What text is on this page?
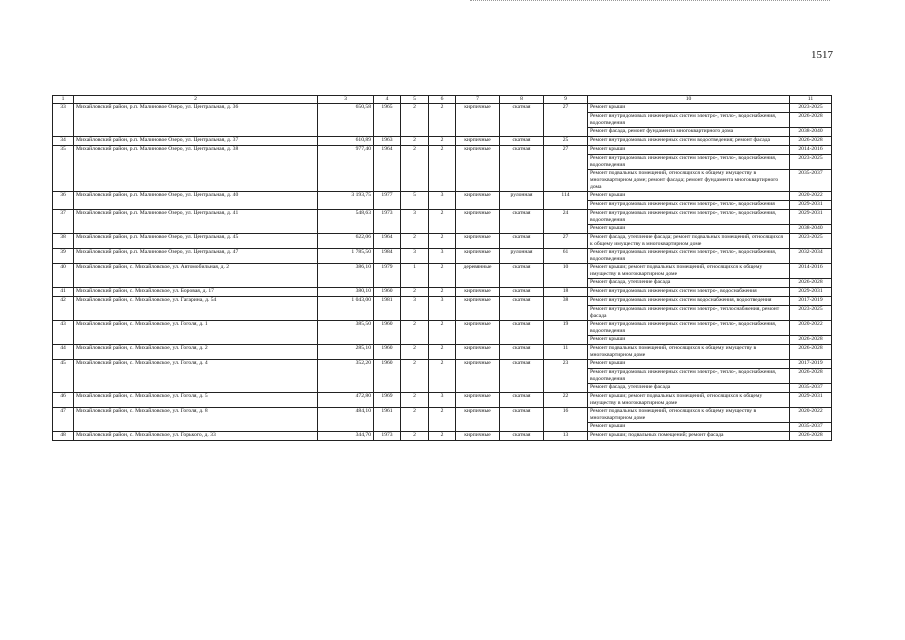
1517
1	2	3	4	5	6	7	8	9	10	11
33	Михайловский район, р.п. Малиновое Озеро, ул. Центральная, д. 36	650,58	1965	2	2	кирпичные	скатная	27	Ремонт крыши	2023-2025
									Ремонт внутридомовых инженерных систем электро-, тепло-, водоснабжения, водоотведения	2026-2028
									Ремонт фасада, ремонт фундамента многоквартирного дома	2038-2040
34	Михайловский район, р.п. Малиновое Озеро, ул. Центральная, д. 37	610,89	1963	2	2	кирпичные	скатная	25	Ремонт внутридомовых инженерных систем водоотведения; ремонт фасада	2026-2028
35	Михайловский район, р.п. Малиновое Озеро, ул. Центральная, д. 38	977,40	1964	2	2	кирпичные	скатная	27	Ремонт крыши	2014-2016
									Ремонт внутридомовых инженерных систем электро-, тепло-, водоснабжения, водоотведения	2023-2025
									Ремонт подвальных помещений, относящихся к общему имуществу в многоквартирном доме; ремонт фасада; ремонт фундамента многоквартирного дома	2035-2037
36	Михайловский район, р.п. Малиновое Озеро, ул. Центральная, д. 40	3 193,75	1977	5	3	кирпичные	рулонная	114	Ремонт крыши	2020-2022
									Ремонт внутридомовых инженерных систем электро-, тепло-, водоснабжения	2029-2031
37	Михайловский район, р.п. Малиновое Озеро, ул. Центральная, д. 41	548,63	1973	3	2	кирпичные	скатная	24	Ремонт внутридомовых инженерных систем электро-, тепло-, водоснабжения, водоотведения	2029-2031
									Ремонт крыши	2038-2040
38	Михайловский район, р.п. Малиновое Озеро, ул. Центральная, д. 45	622,06	1964	2	2	кирпичные	скатная	27	Ремонт фасада, утепление фасада; ремонт подвальных помещений, относящихся к общему имуществу в многоквартирном доме	2023-2025
39	Михайловский район, р.п. Малиновое Озеро, ул. Центральная, д. 47	1 785,50	1984	3	3	кирпичные	рулонная	61	Ремонт внутридомовых инженерных систем электро-, тепло-, водоснабжения, водоотведения	2032-2034
40	Михайловский район, с. Михайловское, ул. Автомобильная, д. 2	386,10	1979	1	2	деревянные	скатная	10	Ремонт крыши; ремонт подвальных помещений, относящихся к общему имуществу в многоквартирном доме	2014-2016
									Ремонт фасада, утепление фасада	2026-2028
41	Михайловский район, с. Михайловское, ул. Боровая, д. 17	380,10	1960	2	2	кирпичные	скатная	18	Ремонт внутридомовых инженерных систем электро-, водоснабжения	2029-2031
42	Михайловский район, с. Михайловское, ул. Гагарина, д. 54	1 043,00	1981	3	3	кирпичные	скатная	38	Ремонт внутридомовых инженерных систем водоснабжения, водоотведения	2017-2019
									Ремонт внутридомовых инженерных систем электро-, теплоснабжения, ремонт фасада	2023-2025
43	Михайловский район, с. Михайловское, ул. Гоголя, д. 1	385,50	1960	2	2	кирпичные	скатная	19	Ремонт внутридомовых инженерных систем электро-, тепло-, водоснабжения, водоотведения	2020-2022
									Ремонт крыши	2026-2028
44	Михайловский район, с. Михайловское, ул. Гоголя, д. 2	285,10	1960	2	2	кирпичные	скатная	11	Ремонт подвальных помещений, относящихся к общему имуществу в многоквартирном доме	2026-2028
45	Михайловский район, с. Михайловское, ул. Гоголя, д. 4	352,20	1960	2	2	кирпичные	скатная	23	Ремонт крыши	2017-2019
									Ремонт внутридомовых инженерных систем электро-, тепло-, водоснабжения, водоотведения	2026-2028
									Ремонт фасада, утепление фасада	2035-2037
46	Михайловский район, с. Михайловское, ул. Гоголя, д. 5	472,80	1969	2	3	кирпичные	скатная	22	Ремонт крыши; ремонт подвальных помещений, относящихся к общему имуществу в многоквартирном доме	2029-2031
47	Михайловский район, с. Михайловское, ул. Гоголя, д. 8	484,10	1961	2	2	кирпичные	скатная	16	Ремонт подвальных помещений, относящихся к общему имуществу в многоквартирном доме	2020-2022
									Ремонт крыши	2035-2037
48	Михайловский район, с. Михайловское, ул. Горького, д. 33	344,70	1973	2	2	кирпичные	скатная	13	Ремонт крыши; подвальных помещений; ремонт фасада	2026-2028
